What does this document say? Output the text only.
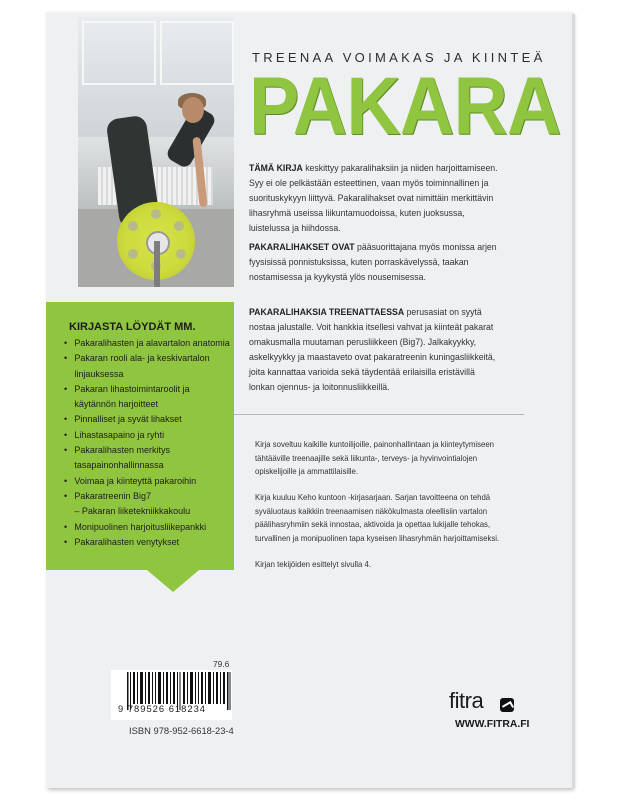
TREENAA VOIMAKAS JA KIINTEÄ
PAKARA
TÄMÄ KIRJA keskittyy pakaralihaksiin ja niiden harjoittamiseen. Syy ei ole pelkästään esteettinen, vaan myös toiminnallinen ja suorituskykyyn liittyvä. Pakaralihakset ovat nimittäin merkittävin lihasryhmä useissa liikuntamuodoissa, kuten juoksussa, luistelussa ja hiihdossa.
PAKARALIHAKSET OVAT pääsuorittajana myös monissa arjen fyysisissä ponnistuksissa, kuten porraskävelyssä, taakan nostamisessa ja kyykystä ylös nousemisessa.
PAKARALIHAKSIA TREENATTAESSA perusasiat on syytä nostaa jalustalle. Voit hankkia itsellesi vahvat ja kiinteät pakarat omakusmalla muutaman perusliikkeen (Big7). Jalkakyykky, askelkyykky ja maastaveto ovat pakaratreenin kuningasliikkeitä, joita kannattaa varioida sekä täydentää erilaisilla eristävillä lonkan ojennus- ja loitonnusliikkeillä.
KIRJASTA LÖYDÄT MM.
• Pakaralihasten ja alavartalon anatomia
• Pakaran rooli ala- ja keskivartalon
linjauksessa
• Pakaran lihastoimintaroolit ja
käytännön harjoitteet
• Pinnalliset ja syvät lihakset
• Lihastasapaino ja ryhti
• Pakaralihasten merkitys
tasapainonhallinnassa
• Voimaa ja kiinteyttä pakaroihin
• Pakaratreenin Big7
– Pakaran liiketekniikkakoulu
• Monipuolinen harjoitusliikepankki
• Pakaralihasten venytykset
Kirja soveltuu kaikille kuntoilijoille, painonhallintaan ja kiinteytymiseen tähtääville treenaajille sekä liikunta-, terveys- ja hyvinvointialojen opiskelijoille ja ammattilaisille.
Kirja kuuluu Keho kuntoon -kirjasarjaan. Sarjan tavoitteena on tehdä syväluotaus kaikkiin treenaamisen näkökulmasta oleellisiin vartalon päälihasryhmiin sekä innostaa, aktivoida ja opettaa lukijalle tehokas, turvallinen ja monipuolinen tapa kyseisen lihasryhmän harjoittamiseksi.
Kirjan tekijöiden esittelyt sivulla 4.
79.6
9 789526 618234
ISBN 978-952-6618-23-4
fitra
WWW.FITRA.FI
